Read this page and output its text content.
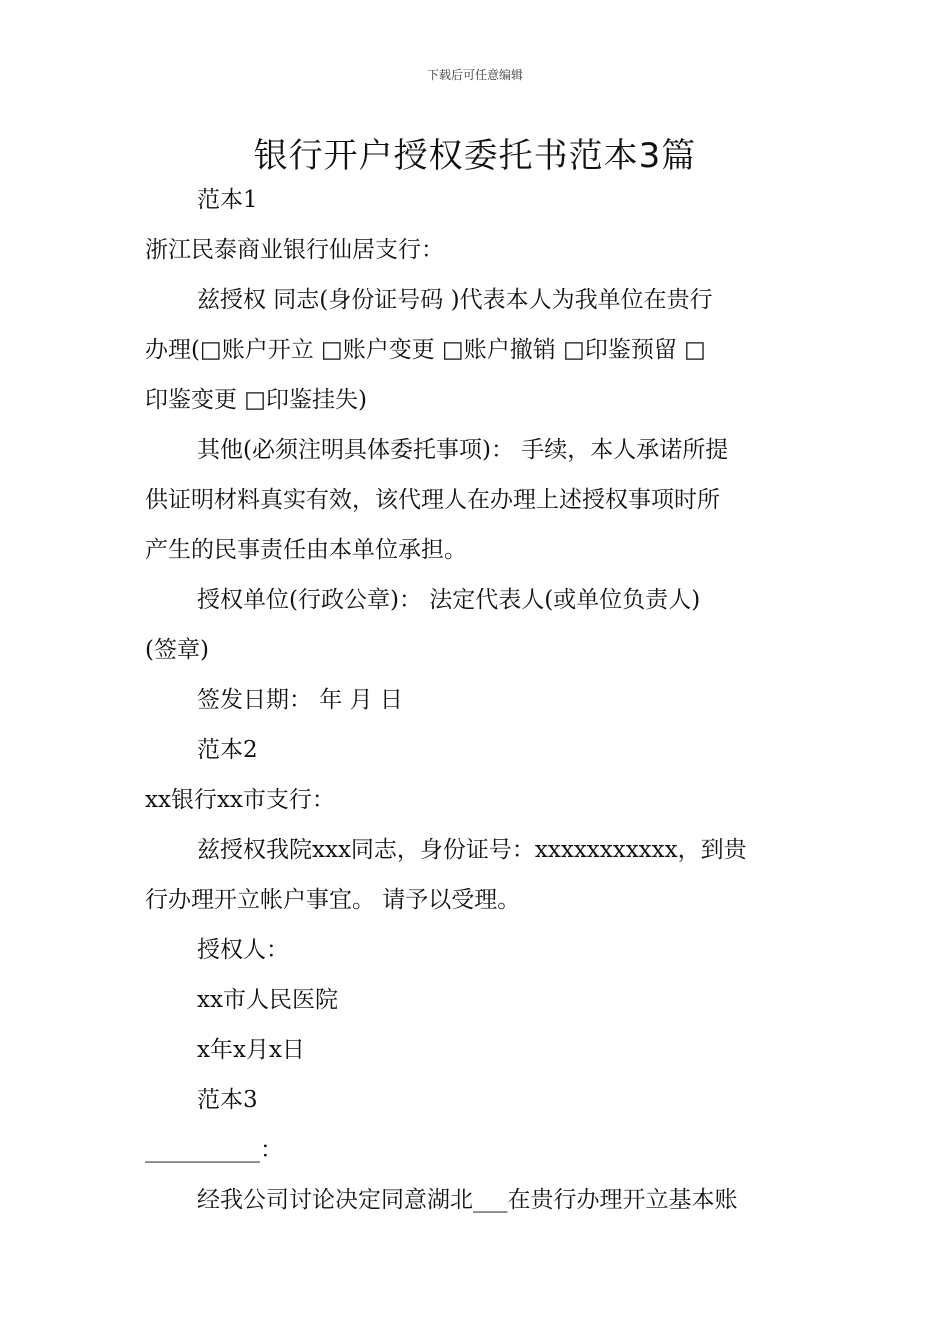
下载后可任意编辑
银行开户授权委托书范本3篇
范本1
浙江民泰商业银行仙居支行：
兹授权 同志(身份证号码 )代表本人为我单位在贵行
办理(□账户开立 □账户变更 □账户撤销 □印鉴预留 □
印鉴变更 □印鉴挂失)
其他(必须注明具体委托事项)： 手续，本人承诺所提
供证明材料真实有效，该代理人在办理上述授权事项时所
产生的民事责任由本单位承担。
授权单位(行政公章)： 法定代表人(或单位负责人)
(签章)
签发日期： 年 月 日
范本2
xx银行xx市支行：
兹授权我院xxx同志，身份证号：xxxxxxxxxxx，到贵
行办理开立帐户事宜。 请予以受理。
授权人：
xx市人民医院
x年x月x日
范本3
__________：
经我公司讨论决定同意湖北___在贵行办理开立基本账
